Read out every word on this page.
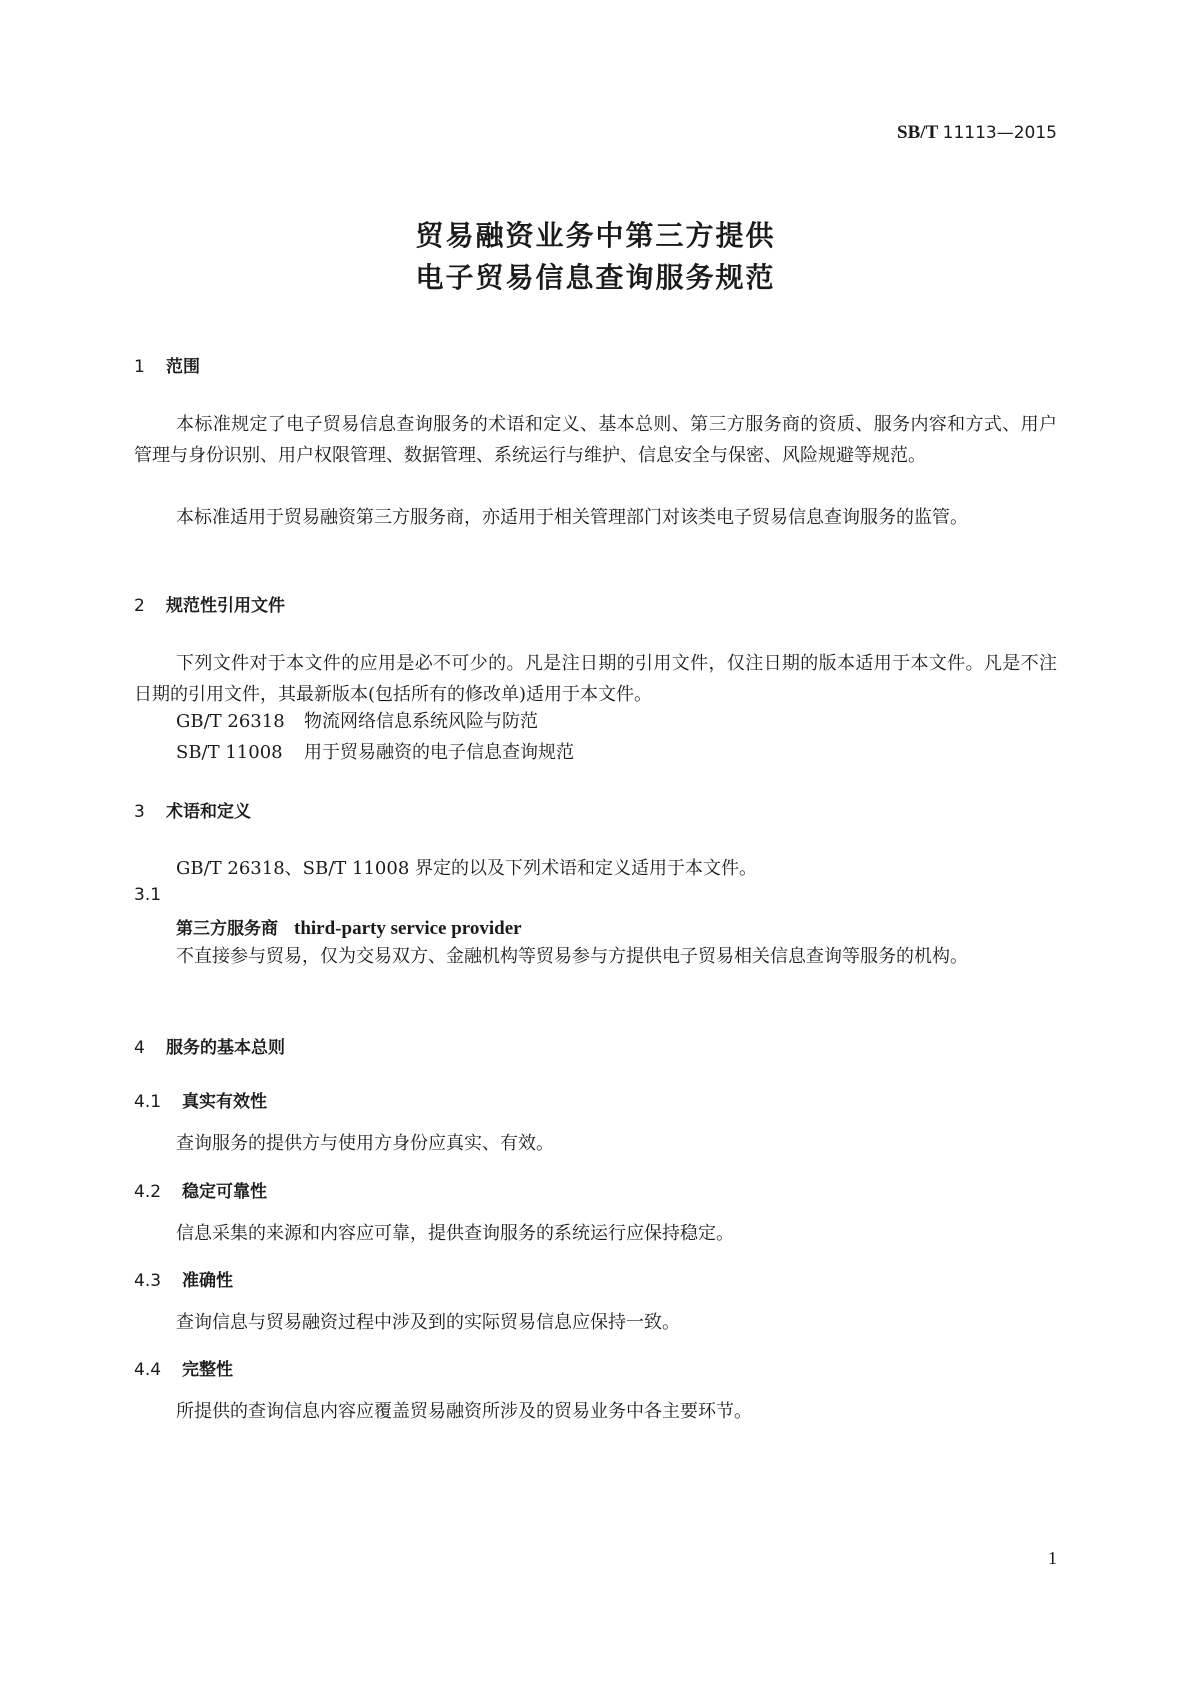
SB/T 11113—2015
贸易融资业务中第三方提供
电子贸易信息查询服务规范
1 范围
本标准规定了电子贸易信息查询服务的术语和定义、基本总则、第三方服务商的资质、服务内容和方式、用户管理与身份识别、用户权限管理、数据管理、系统运行与维护、信息安全与保密、风险规避等规范。
本标准适用于贸易融资第三方服务商，亦适用于相关管理部门对该类电子贸易信息查询服务的监管。
2 规范性引用文件
下列文件对于本文件的应用是必不可少的。凡是注日期的引用文件，仅注日期的版本适用于本文件。凡是不注日期的引用文件，其最新版本(包括所有的修改单)适用于本文件。
GB/T 26318 物流网络信息系统风险与防范
SB/T 11008 用于贸易融资的电子信息查询规范
3 术语和定义
GB/T 26318、SB/T 11008 界定的以及下列术语和定义适用于本文件。
3.1
第三方服务商 third-party service provider
不直接参与贸易，仅为交易双方、金融机构等贸易参与方提供电子贸易相关信息查询等服务的机构。
4 服务的基本总则
4.1 真实有效性
查询服务的提供方与使用方身份应真实、有效。
4.2 稳定可靠性
信息采集的来源和内容应可靠，提供查询服务的系统运行应保持稳定。
4.3 准确性
查询信息与贸易融资过程中涉及到的实际贸易信息应保持一致。
4.4 完整性
所提供的查询信息内容应覆盖贸易融资所涉及的贸易业务中各主要环节。
1
